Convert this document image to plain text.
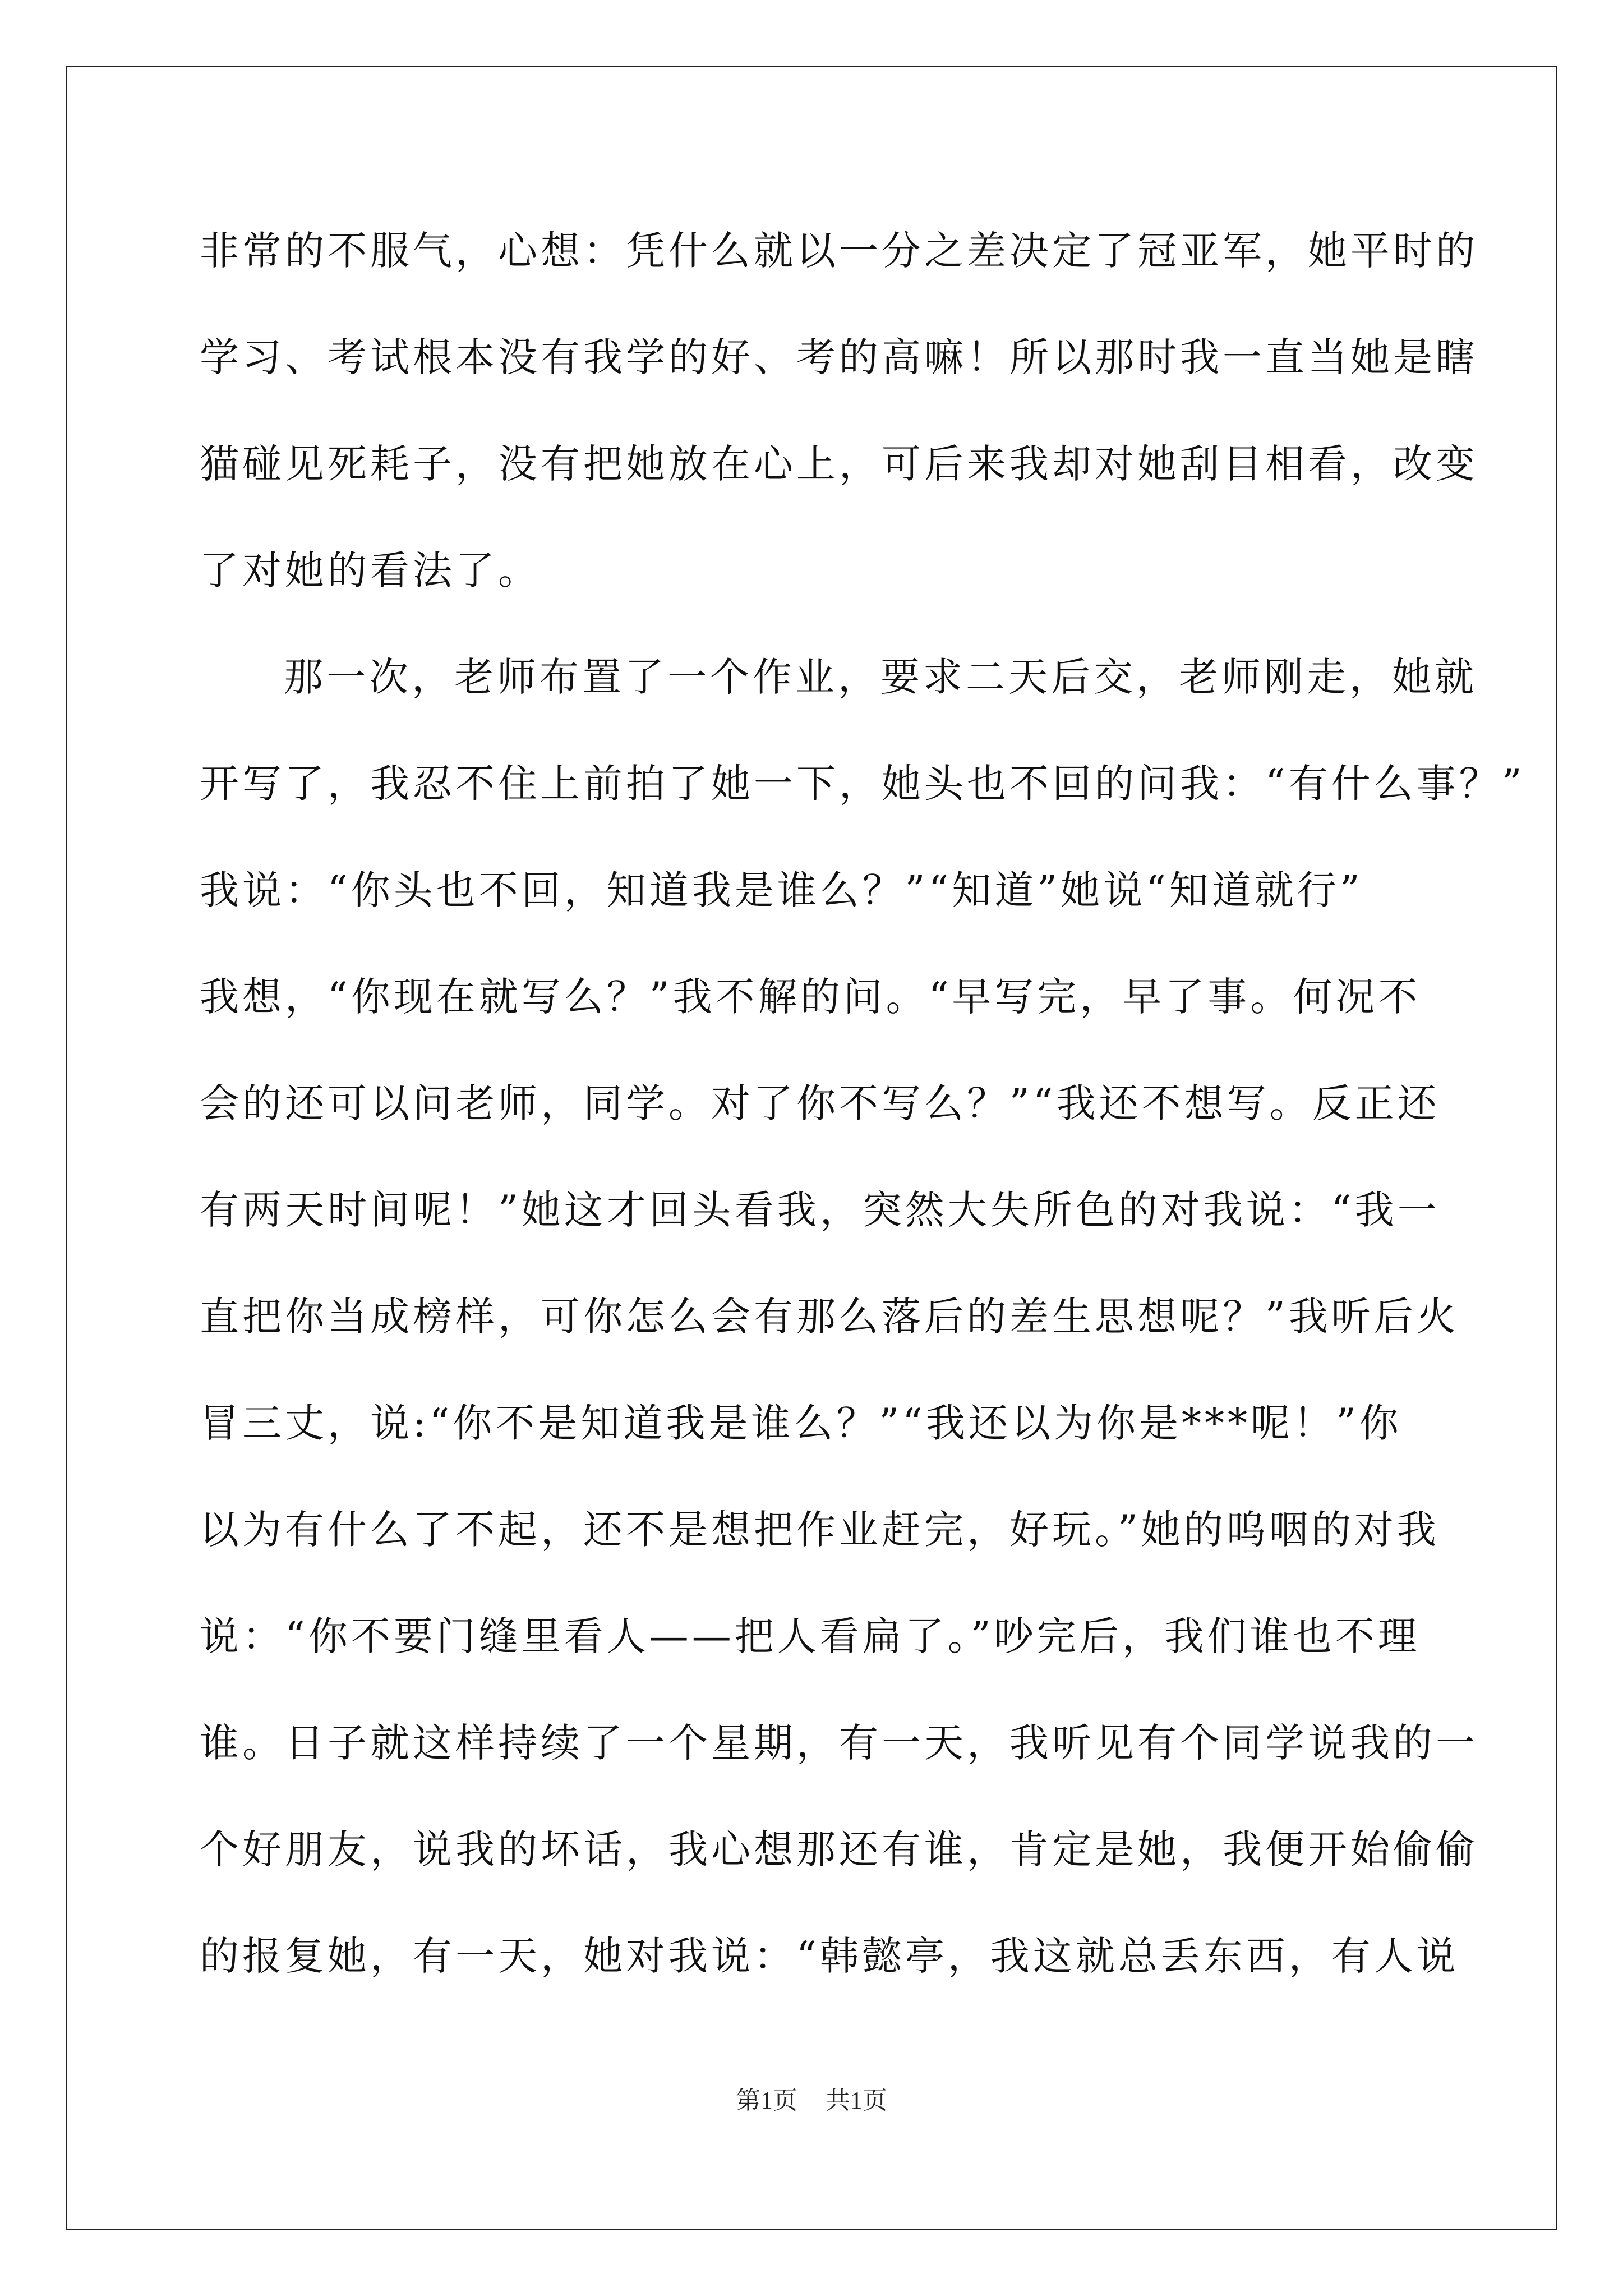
非常的不服气，心想：凭什么就以一分之差决定了冠亚军，她平时的
学习、考试根本没有我学的好、考的高嘛！所以那时我一直当她是瞎
猫碰见死耗子，没有把她放在心上，可后来我却对她刮目相看，改变
了对她的看法了。
那一次，老师布置了一个作业，要求二天后交，老师刚走，她就
开写了，我忍不住上前拍了她一下，她头也不回的问我：“有什么事？”
我说：“你头也不回，知道我是谁么？”“知道”她说“知道就行”
我想，“你现在就写么？”我不解的问。“早写完，早了事。何况不
会的还可以问老师，同学。对了你不写么？”“我还不想写。反正还
有两天时间呢！”她这才回头看我，突然大失所色的对我说：“我一
直把你当成榜样，可你怎么会有那么落后的差生思想呢？”我听后火
冒三丈，说:“你不是知道我是谁么？”“我还以为你是***呢！”你
以为有什么了不起，还不是想把作业赶完，好玩。”她的呜咽的对我
说：“你不要门缝里看人——把人看扁了。”吵完后，我们谁也不理
谁。日子就这样持续了一个星期，有一天，我听见有个同学说我的一
个好朋友，说我的坏话，我心想那还有谁，肯定是她，我便开始偷偷
的报复她，有一天，她对我说：“韩懿亭，我这就总丢东西，有人说
第1页 共1页
